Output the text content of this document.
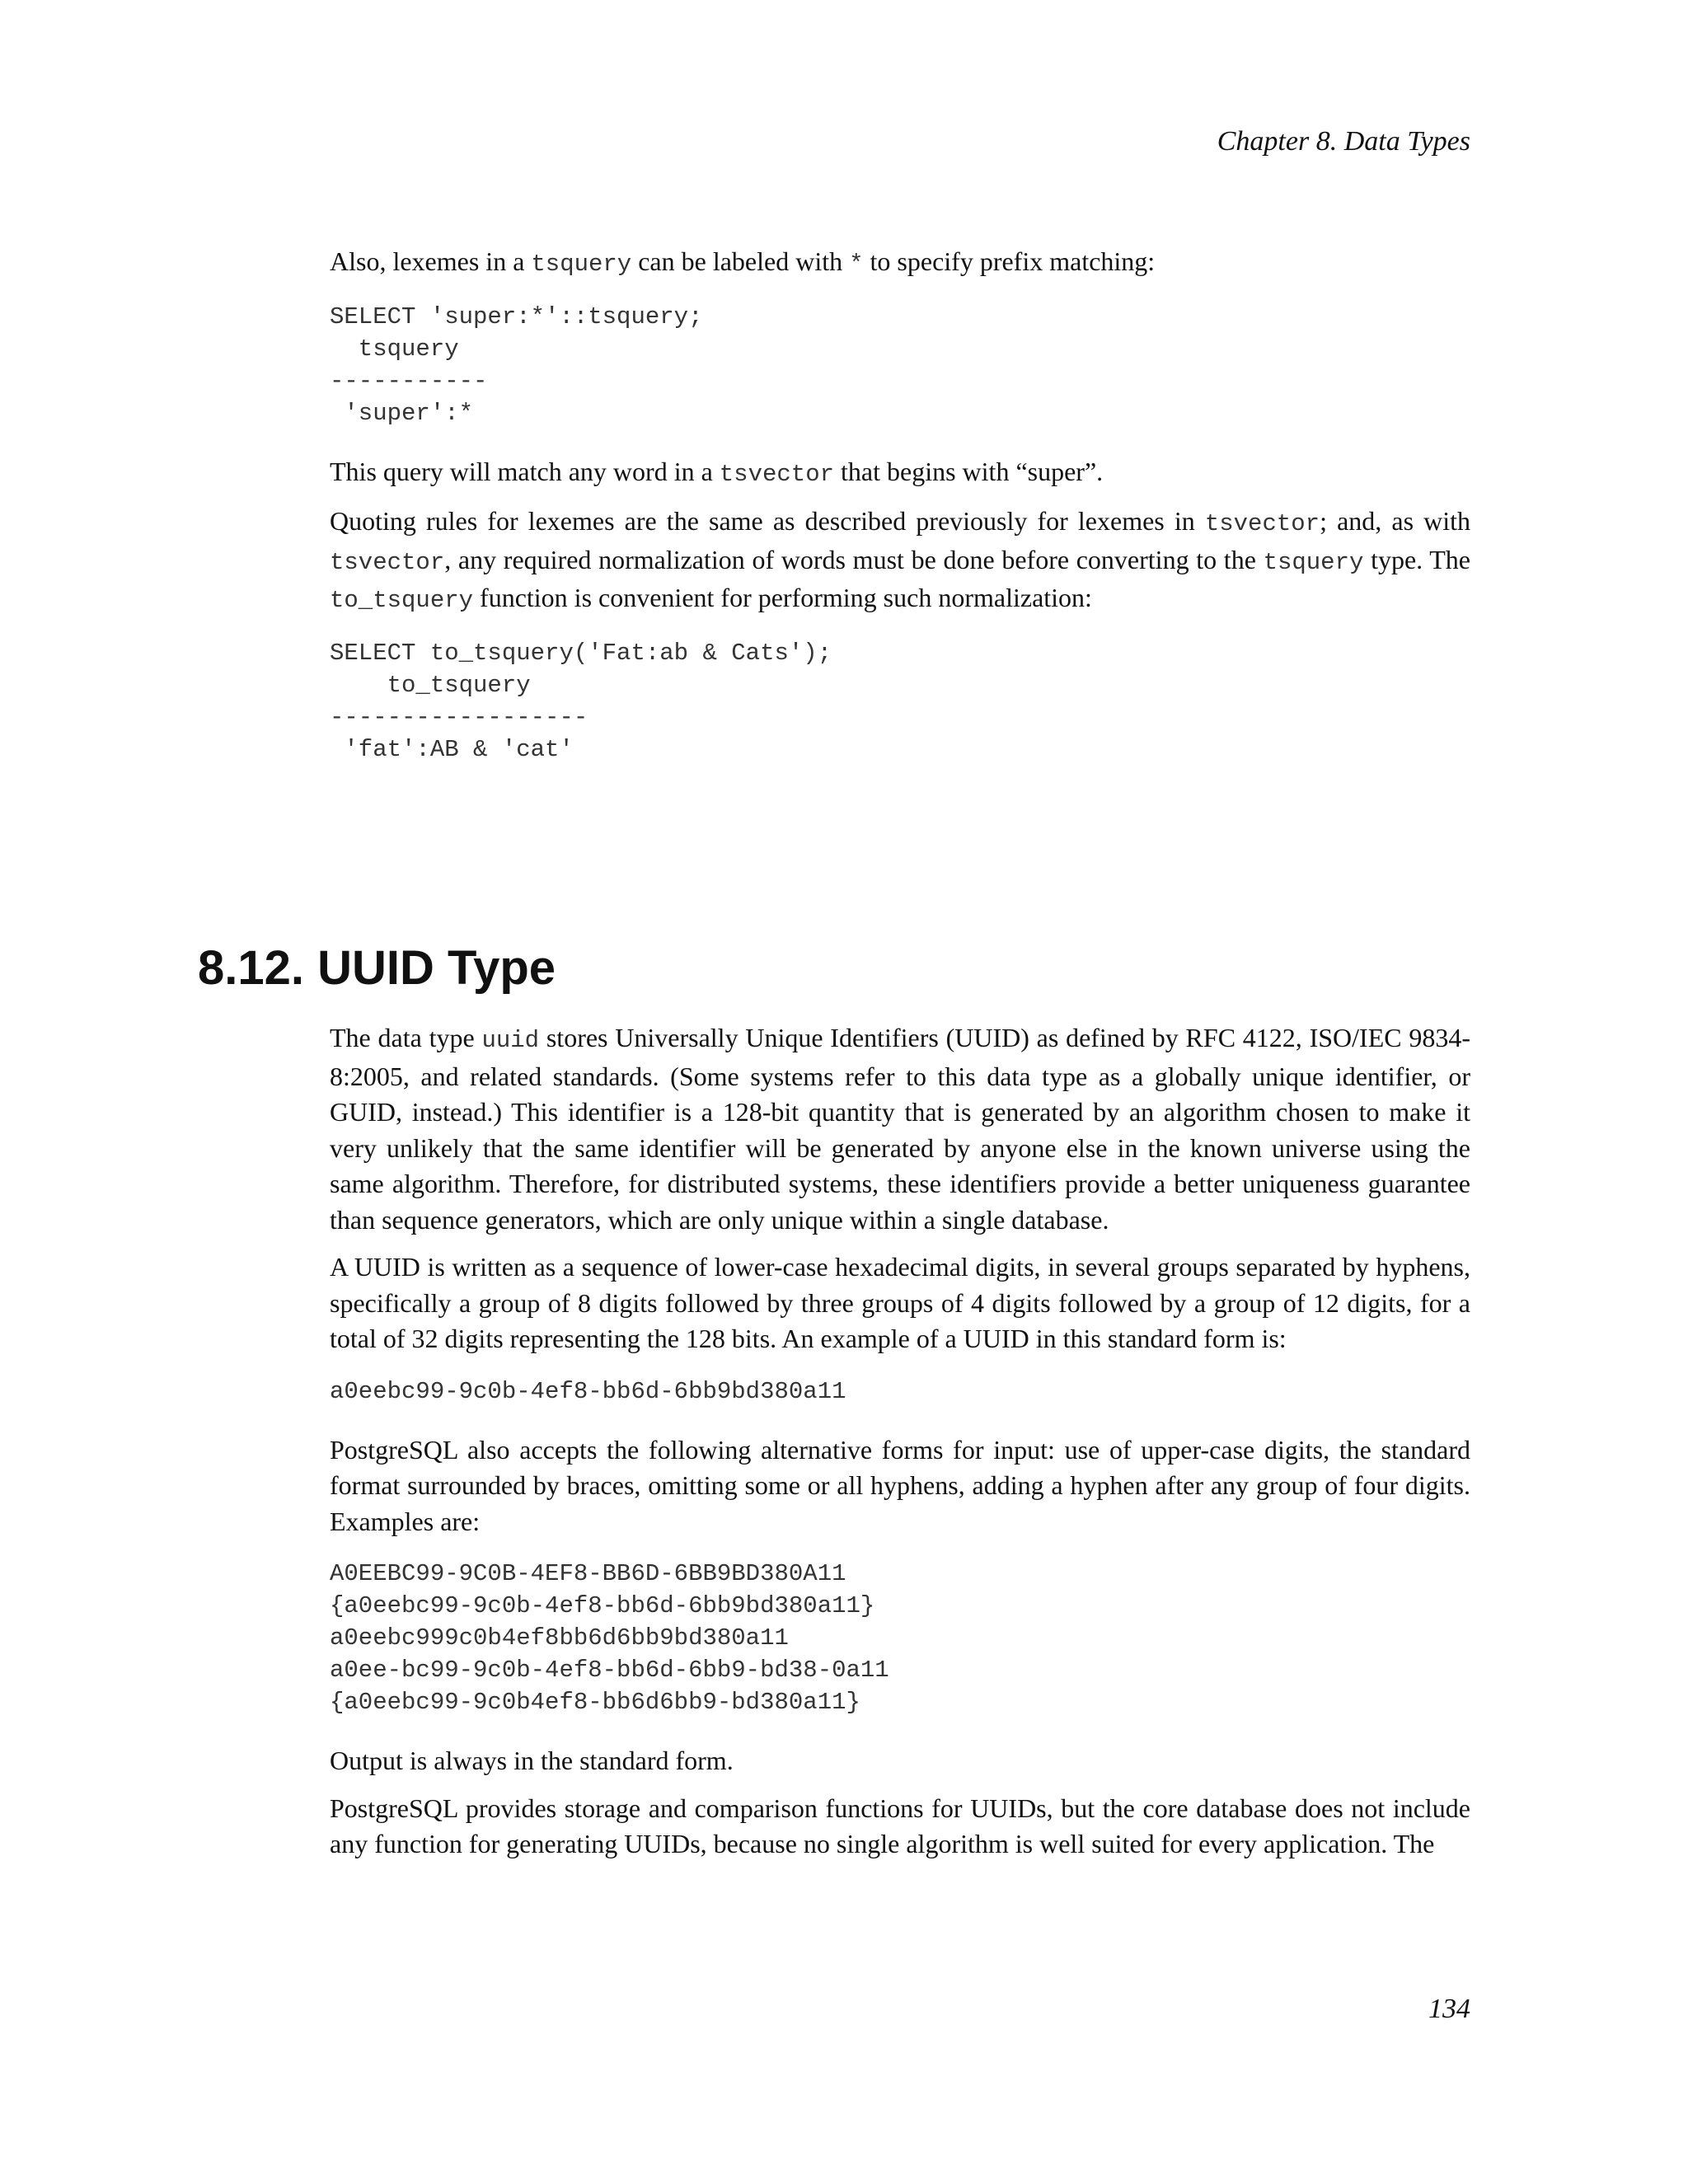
Chapter 8. Data Types

Also, lexemes in a tsquery can be labeled with * to specify prefix matching:

SELECT 'super:*'::tsquery;
tsquery
-----------
'super':*

This query will match any word in a tsvector that begins with “super”.

Quoting rules for lexemes are the same as described previously for lexemes in tsvector; and, as with tsvector, any required normalization of words must be done before converting to the tsquery type. The to_tsquery function is convenient for performing such normalization:

SELECT to_tsquery('Fat:ab & Cats');
to_tsquery
------------------
'fat':AB & 'cat'
8.12. UUID Type

The data type uuid stores Universally Unique Identifiers (UUID) as defined by RFC 4122, ISO/IEC 9834-8:2005, and related standards. (Some systems refer to this data type as a globally unique identifier, or GUID, instead.) This identifier is a 128-bit quantity that is generated by an algorithm chosen to make it very unlikely that the same identifier will be generated by anyone else in the known universe using the same algorithm. Therefore, for distributed systems, these identifiers provide a better uniqueness guarantee than sequence generators, which are only unique within a single database.

A UUID is written as a sequence of lower-case hexadecimal digits, in several groups separated by hyphens, specifically a group of 8 digits followed by three groups of 4 digits followed by a group of 12 digits, for a total of 32 digits representing the 128 bits. An example of a UUID in this standard form is:

a0eebc99-9c0b-4ef8-bb6d-6bb9bd380a11

PostgreSQL also accepts the following alternative forms for input: use of upper-case digits, the standard format surrounded by braces, omitting some or all hyphens, adding a hyphen after any group of four digits. Examples are:

A0EEBC99-9C0B-4EF8-BB6D-6BB9BD380A11
{a0eebc99-9c0b-4ef8-bb6d-6bb9bd380a11}
a0eebc999c0b4ef8bb6d6bb9bd380a11
a0ee-bc99-9c0b-4ef8-bb6d-6bb9-bd38-0a11
{a0eebc99-9c0b4ef8-bb6d6bb9-bd380a11}

Output is always in the standard form.

PostgreSQL provides storage and comparison functions for UUIDs, but the core database does not include any function for generating UUIDs, because no single algorithm is well suited for every application. The

134
